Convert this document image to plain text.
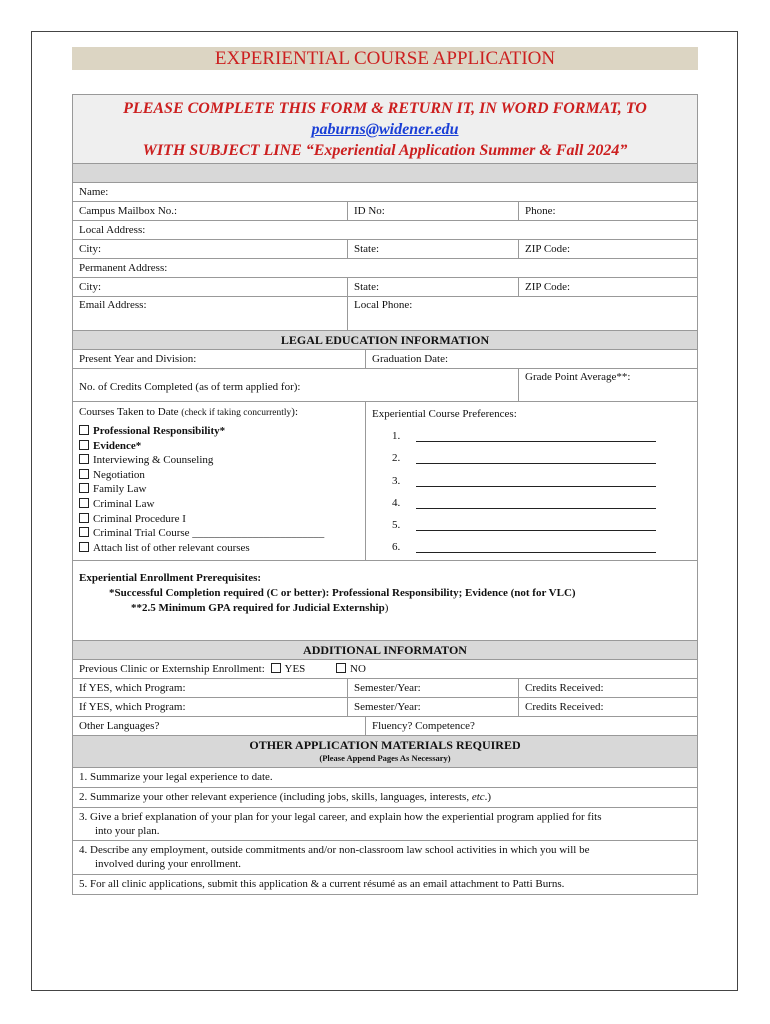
EXPERIENTIAL COURSE APPLICATION
PLEASE COMPLETE THIS FORM & RETURN IT, IN WORD FORMAT, TO
paburns@widener.edu
WITH SUBJECT LINE “Experiential Application Summer & Fall 2024”
Name:
Campus Mailbox No.:	ID No:	Phone:
Local Address:
City:	State:	ZIP Code:
Permanent Address:
City:	State:	ZIP Code:
Email Address:	Local Phone:
LEGAL EDUCATION INFORMATION
Present Year and Division:	Graduation Date:
No. of Credits Completed (as of term applied for):
Grade Point Average**:
Courses Taken to Date (check if taking concurrently):
Professional Responsibility*
Evidence*
Interviewing & Counseling
Negotiation
Family Law
Criminal Law
Criminal Procedure I
Criminal Trial Course ________________________
Attach list of other relevant courses
Experiential Course Preferences:
1.
2.
3.
4.
5.
6.
Experiential Enrollment Prerequisites:
*Successful Completion required (C or better): Professional Responsibility; Evidence (not for VLC)
**2.5 Minimum GPA required for Judicial Externship)
ADDITIONAL INFORMATON
Previous Clinic or Externship Enrollment: YES	NO
If YES, which Program:	Semester/Year:	Credits Received:
If YES, which Program:	Semester/Year:	Credits Received:
Other Languages?	Fluency? Competence?
OTHER APPLICATION MATERIALS REQUIRED
(Please Append Pages As Necessary)
1. Summarize your legal experience to date.
2. Summarize your other relevant experience (including jobs, skills, languages, interests, etc.)
3. Give a brief explanation of your plan for your legal career, and explain how the experiential program applied for fits
into your plan.
4. Describe any employment, outside commitments and/or non-classroom law school activities in which you will be
involved during your enrollment.
5. For all clinic applications, submit this application & a current résumé as an email attachment to Patti Burns.
